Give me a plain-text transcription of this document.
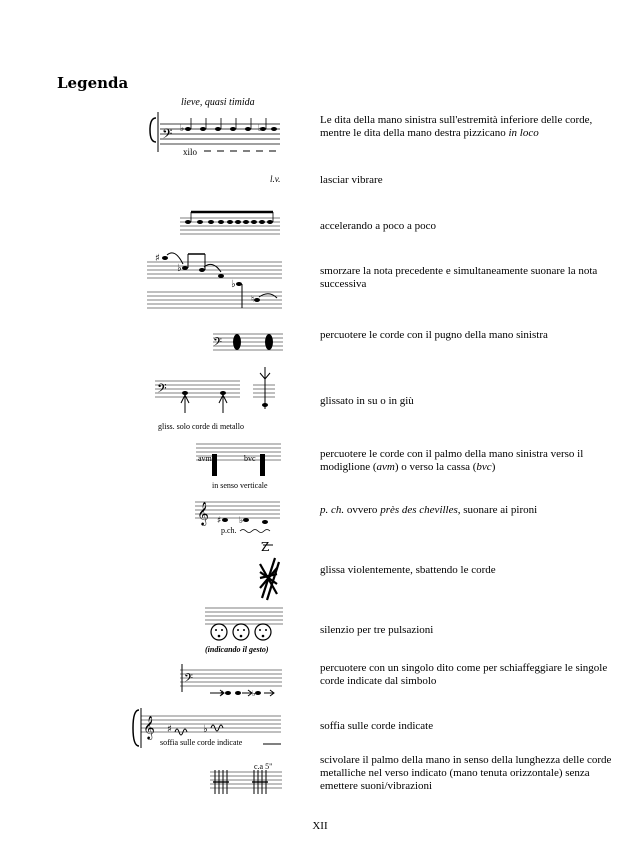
Legenda
𝄢 ♭	♭
lieve, quasi timida
xilo
Le dita della mano sinistra sull'estremità inferiore delle corde, mentre le dita della mano destra pizzicano in loco
l.v.	lasciar vibrare
accelerando a poco a poco
♯
♭
♭
♮
smorzare la nota precedente e simultaneamente suonare la nota successiva
𝄢
percuotere le corde con il pugno della mano sinistra
𝄢
gliss. solo corde di metallo
glissato in su o in giù
avm	bvc
in senso verticale
percuotere le corde con il palmo della mano sinistra verso il modiglione (avm) o verso la cassa (bvc)
𝄞 ♯ ♭
p.ch.
p. ch. ovvero près des chevilles, suonare ai pironi
Z
glissa violentemente, sbattendo le corde
(indicando il gesto)
silenzio per tre pulsazioni
𝄢
♯	♭
percuotere con un singolo dito come per schiaffeggiare le singole corde indicate dal simbolo
𝄞 ♯	♭
soffia sulle corde indicate
soffia sulle corde indicate
c.a 5"
scivolare il palmo della mano in senso della lunghezza delle corde metalliche nel verso indicato (mano tenuta orizzontale) senza emettere suoni/vibrazioni
XII
